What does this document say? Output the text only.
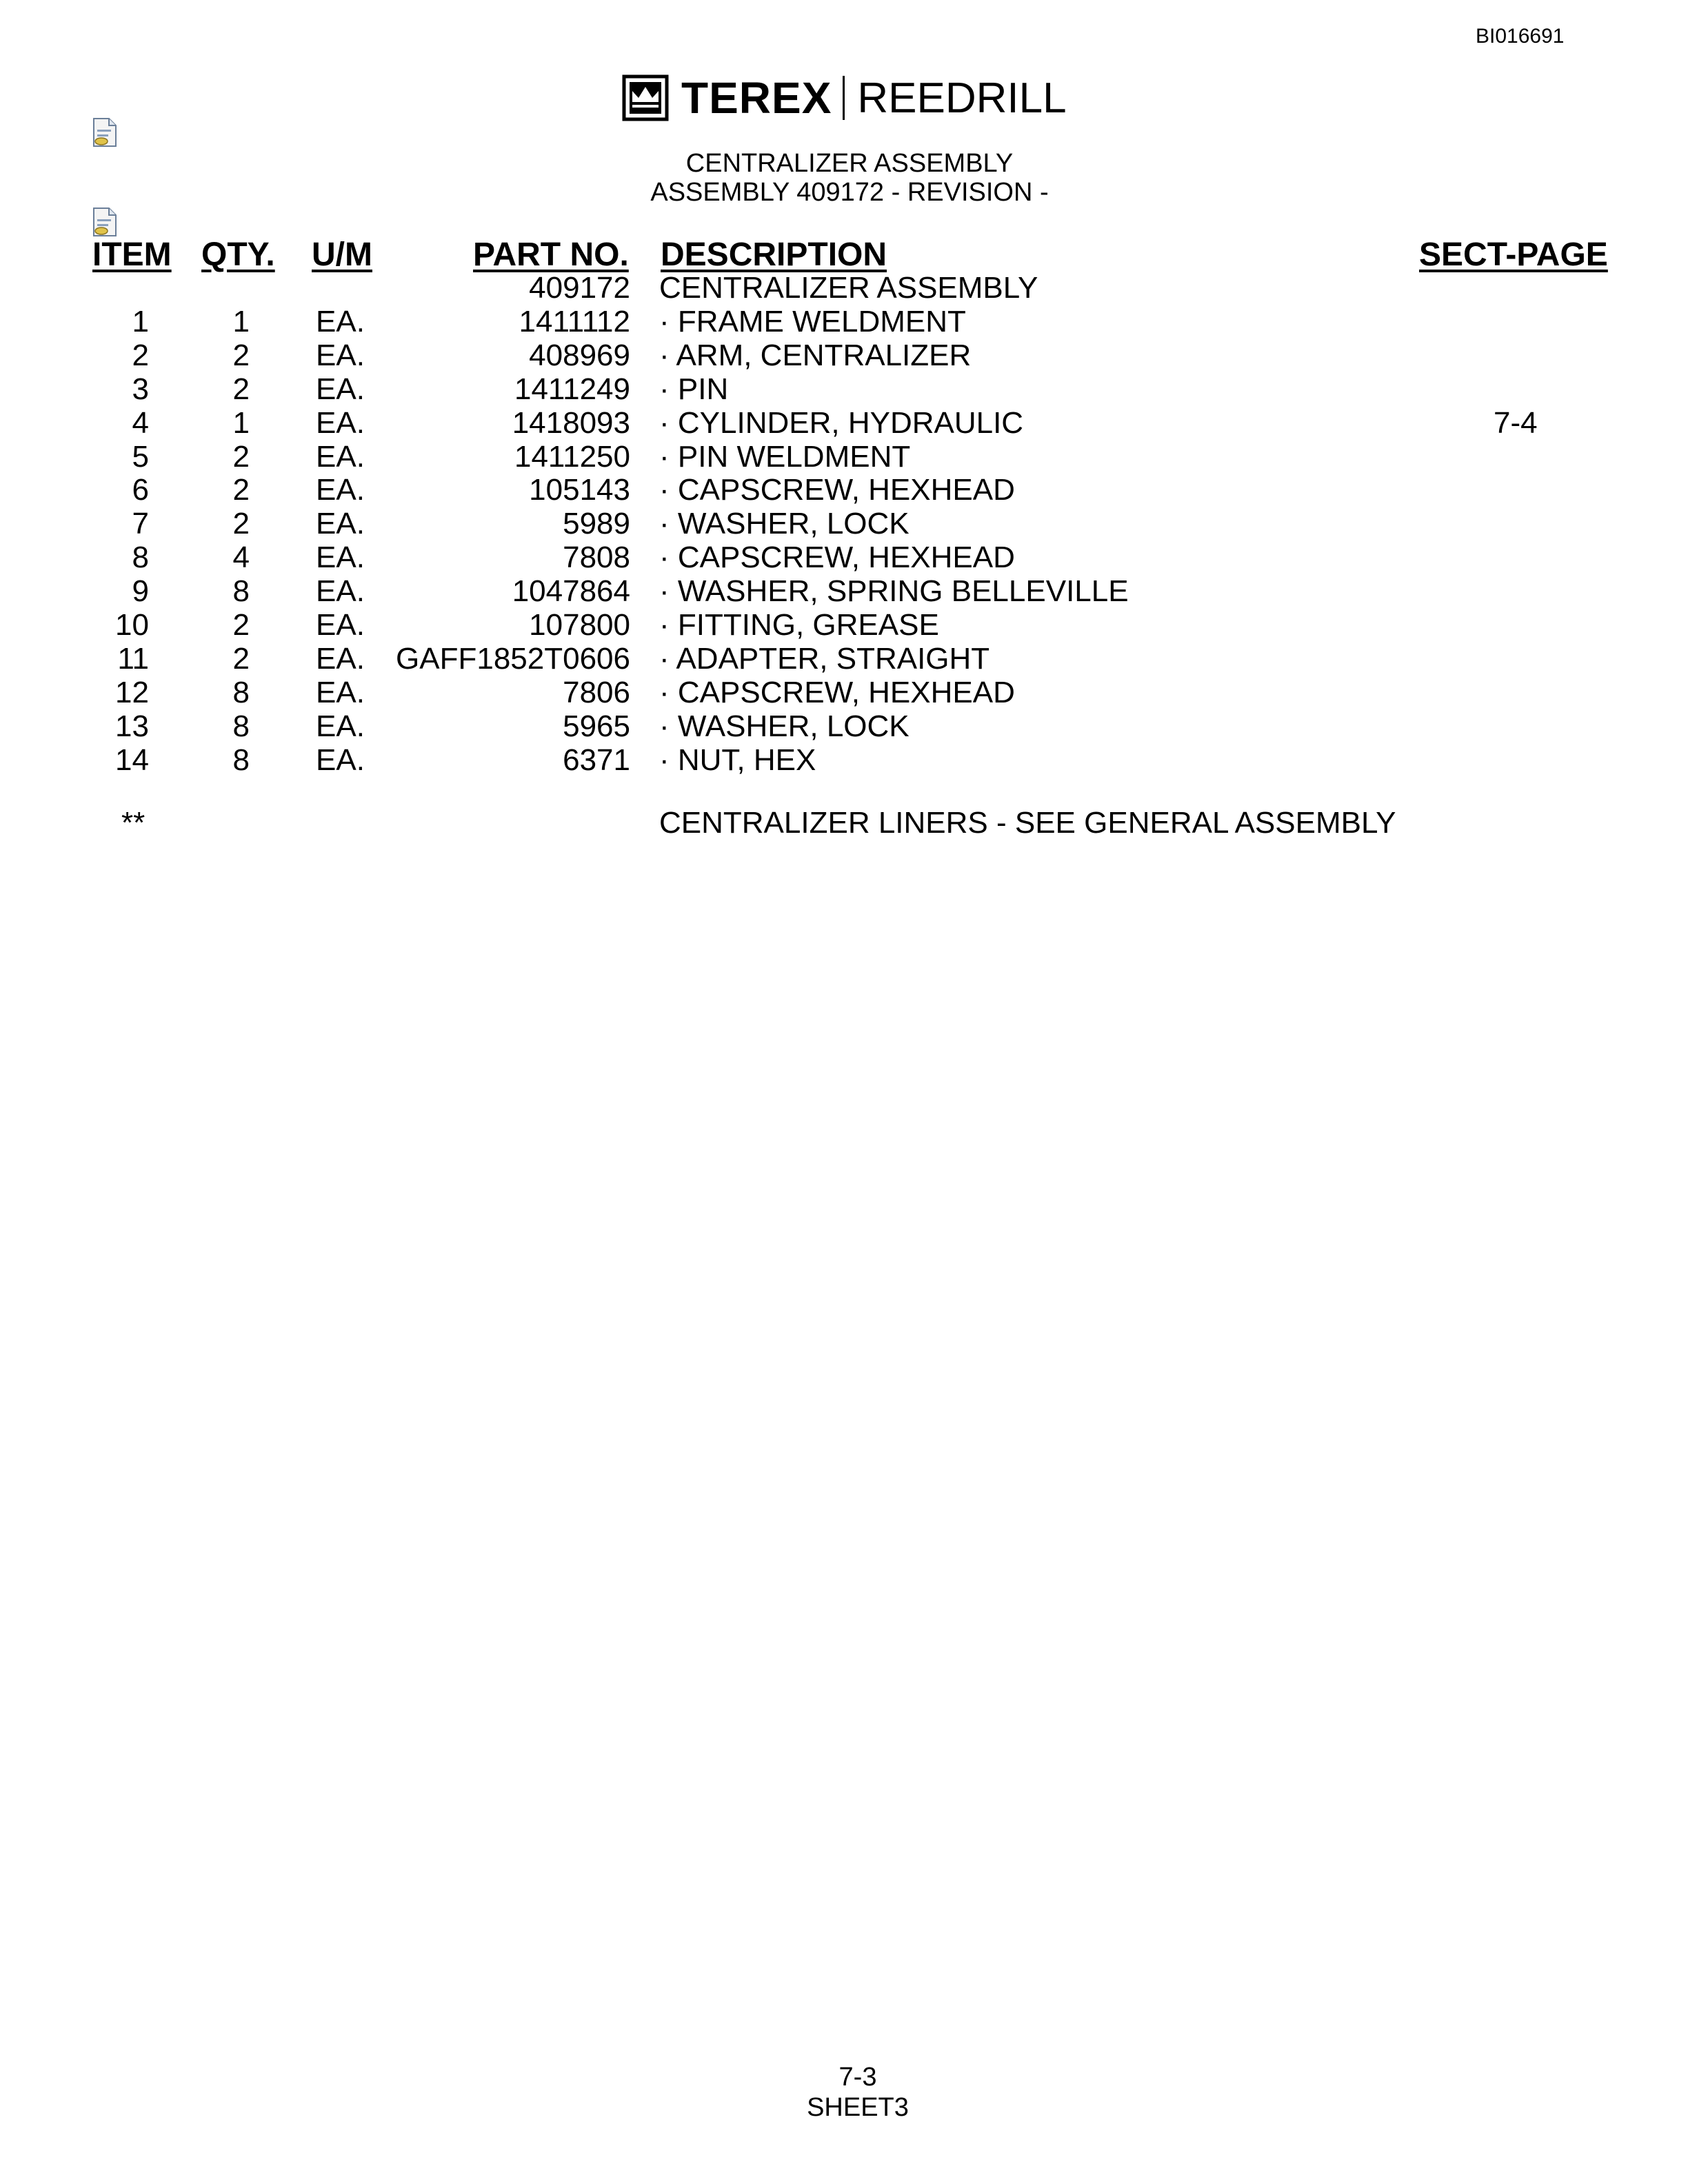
BI016691
TEREX REEDRILL
CENTRALIZER ASSEMBLY
ASSEMBLY 409172 - REVISION -
ITEM QTY. U/M	PART NO. DESCRIPTION	SECT-PAGE
409172 CENTRALIZER ASSEMBLY
1	1 EA.	1411112 · FRAME WELDMENT
2	2 EA.	408969 · ARM, CENTRALIZER
3	2 EA.	1411249 · PIN
4	1 EA.	1418093 · CYLINDER, HYDRAULIC	7-4
5	2 EA.	1411250 · PIN WELDMENT
6	2 EA.	105143 · CAPSCREW, HEXHEAD
7	2 EA.	5989 · WASHER, LOCK
8	4 EA.	7808 · CAPSCREW, HEXHEAD
9	8 EA.	1047864 · WASHER, SPRING BELLEVILLE
10	2 EA.	107800 · FITTING, GREASE
11	2 EA. GAFF1852T0606 · ADAPTER, STRAIGHT
12	8 EA.	7806 · CAPSCREW, HEXHEAD
13	8 EA.	5965 · WASHER, LOCK
14	8 EA.	6371 · NUT, HEX
**	CENTRALIZER LINERS - SEE GENERAL ASSEMBLY
7-3
SHEET3
